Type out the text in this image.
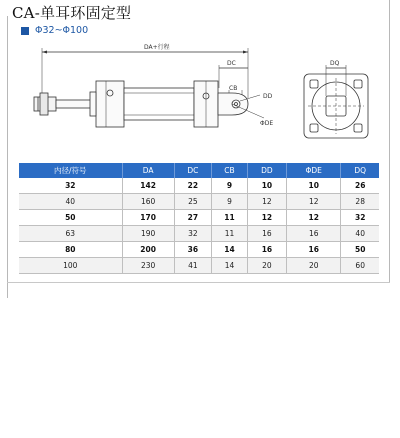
CA-单耳环固定型
Φ32~Φ100
DA+行程
DC
CB
DD
ΦDE
DQ
内径/符号	DA	DC	CB	DD	ΦDE	DQ
32	142	22	9	10	10	26
40	160	25	9	12	12	28
50	170	27	11	12	12	32
63	190	32	11	16	16	40
80	200	36	14	16	16	50
100	230	41	14	20	20	60
